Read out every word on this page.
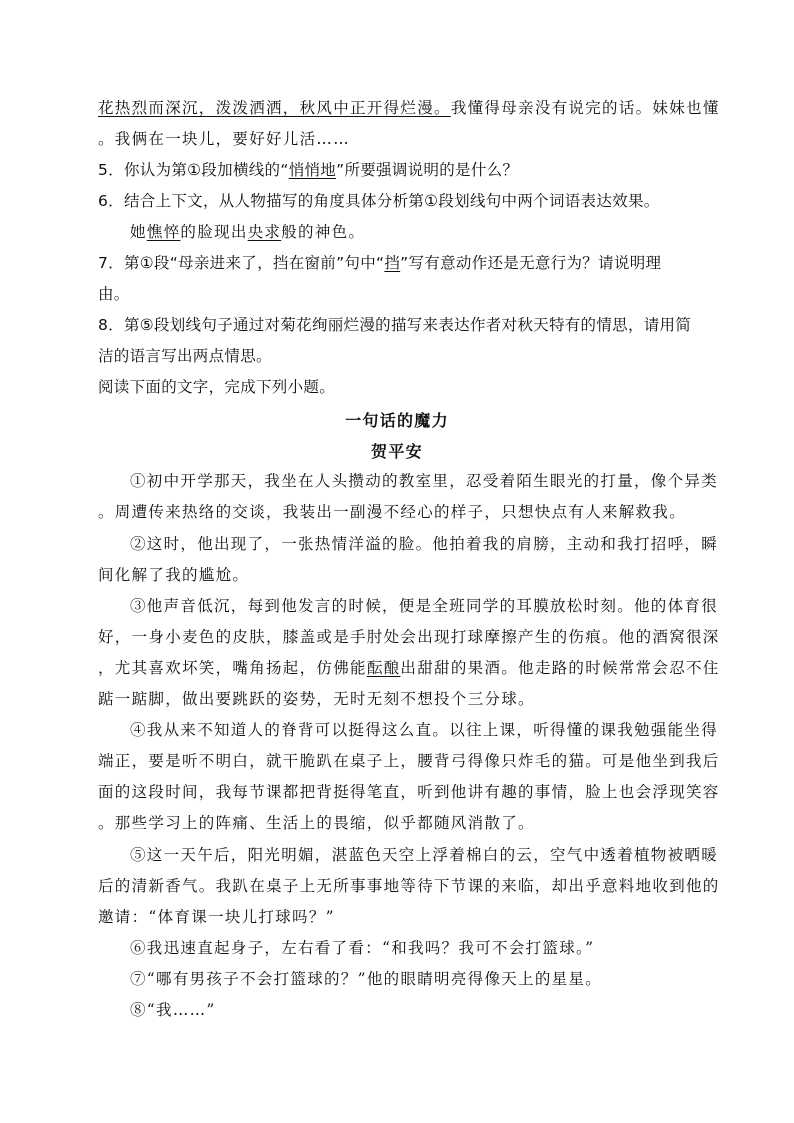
花热烈而深沉，泼泼洒洒，秋风中正开得烂漫。我懂得母亲没有说完的话。妹妹也懂
。我俩在一块儿，要好好儿活……
5．你认为第①段加横线的“悄悄地”所要强调说明的是什么？
6．结合上下文，从人物描写的角度具体分析第①段划线句中两个词语表达效果。
她憔悴的脸现出央求般的神色。
7．第①段“母亲进来了，挡在窗前”句中“挡”写有意动作还是无意行为？请说明理
由。
8．第⑤段划线句子通过对菊花绚丽烂漫的描写来表达作者对秋天特有的情思，请用简
洁的语言写出两点情思。
阅读下面的文字，完成下列小题。
一句话的魔力
贺平安
①初中开学那天，我坐在人头攒动的教室里，忍受着陌生眼光的打量，像个异类
。周遭传来热络的交谈，我装出一副漫不经心的样子，只想快点有人来解救我。
②这时，他出现了，一张热情洋溢的脸。他拍着我的肩膀，主动和我打招呼，瞬
间化解了我的尴尬。
③他声音低沉，每到他发言的时候，便是全班同学的耳膜放松时刻。他的体育很
好，一身小麦色的皮肤，膝盖或是手肘处会出现打球摩擦产生的伤痕。他的酒窝很深
，尤其喜欢坏笑，嘴角扬起，仿佛能酝酿出甜甜的果酒。他走路的时候常常会忍不住
踮一踮脚，做出要跳跃的姿势，无时无刻不想投个三分球。
④我从来不知道人的脊背可以挺得这么直。以往上课，听得懂的课我勉强能坐得
端正，要是听不明白，就干脆趴在桌子上，腰背弓得像只炸毛的猫。可是他坐到我后
面的这段时间，我每节课都把背挺得笔直，听到他讲有趣的事情，脸上也会浮现笑容
。那些学习上的阵痛、生活上的畏缩，似乎都随风消散了。
⑤这一天午后，阳光明媚，湛蓝色天空上浮着棉白的云，空气中透着植物被晒暖
后的清新香气。我趴在桌子上无所事事地等待下节课的来临，却出乎意料地收到他的
邀请：“体育课一块儿打球吗？”
⑥我迅速直起身子，左右看了看：“和我吗？我可不会打篮球。”
⑦“哪有男孩子不会打篮球的？”他的眼睛明亮得像天上的星星。
⑧“我……”
